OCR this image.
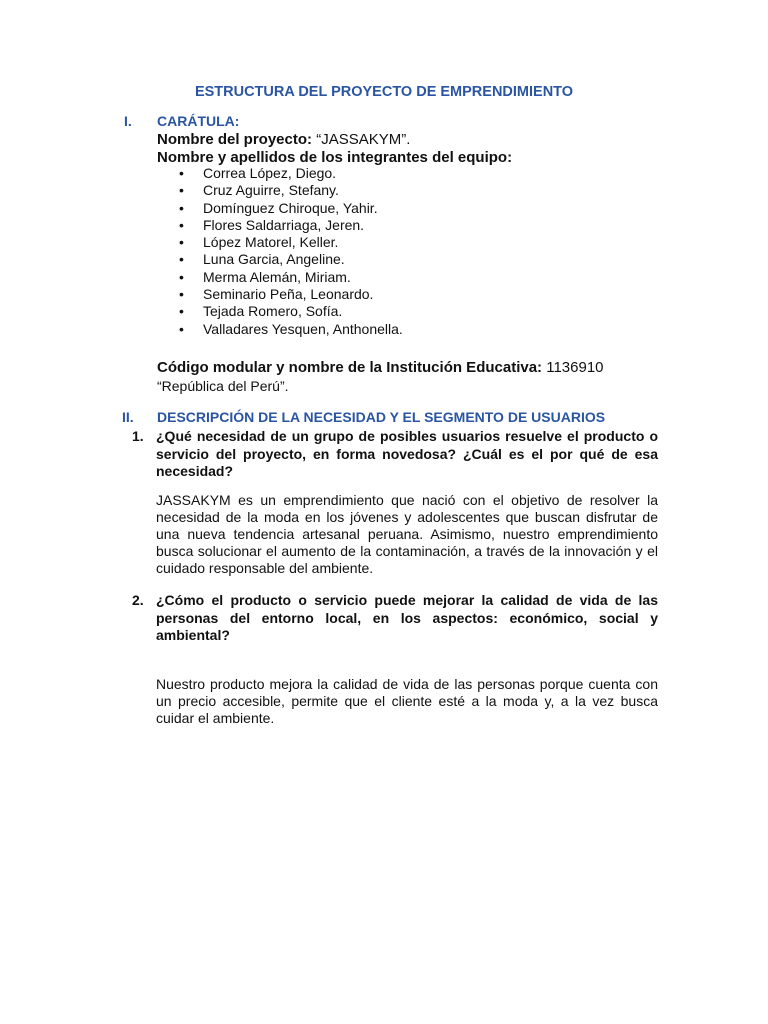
ESTRUCTURA DEL PROYECTO DE EMPRENDIMIENTO
I. CARÁTULA:
Nombre del proyecto: “JASSAKYM”.
Nombre y apellidos de los integrantes del equipo:
• Correa López, Diego.
• Cruz Aguirre, Stefany.
• Domínguez Chiroque, Yahir.
• Flores Saldarriaga, Jeren.
• López Matorel, Keller.
• Luna Garcia, Angeline.
• Merma Alemán, Miriam.
• Seminario Peña, Leonardo.
• Tejada Romero, Sofía.
• Valladares Yesquen, Anthonella.
Código modular y nombre de la Institución Educativa: 1136910
“República del Perú”.
II. DESCRIPCIÓN DE LA NECESIDAD Y EL SEGMENTO DE USUARIOS
1. ¿Qué necesidad de un grupo de posibles usuarios resuelve el producto o servicio del proyecto, en forma novedosa? ¿Cuál es el por qué de esa necesidad?
JASSAKYM es un emprendimiento que nació con el objetivo de resolver la necesidad de la moda en los jóvenes y adolescentes que buscan disfrutar de una nueva tendencia artesanal peruana. Asimismo, nuestro emprendimiento busca solucionar el aumento de la contaminación, a través de la innovación y el cuidado responsable del ambiente.
2. ¿Cómo el producto o servicio puede mejorar la calidad de vida de las personas del entorno local, en los aspectos: económico, social y ambiental?
Nuestro producto mejora la calidad de vida de las personas porque cuenta con un precio accesible, permite que el cliente esté a la moda y, a la vez busca cuidar el ambiente.
